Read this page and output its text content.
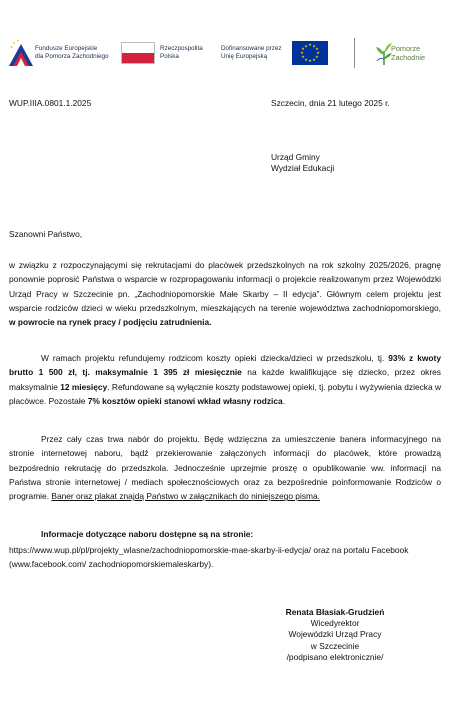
Fundusze Europejskie
dla Pomorza Zachodniego
Rzeczpospolita
Polska
Dofinansowane przez
Unię Europejską
★ ★
★
★
★
★
★
★
★
★
★
★	Pomorze
Zachodnie
WUP.IIIA.0801.1.2025	Szczecin, dnia 21 lutego 2025 r.
Urząd Gminy
Wydział Edukacji
Szanowni Państwo,
w związku z rozpoczynającymi się rekrutacjami do placówek przedszkolnych na rok szkolny 2025/2026, pragnę ponownie poprosić Państwa o wsparcie w rozpropagowaniu informacji o projekcie realizowanym przez Wojewódzki Urząd Pracy w Szczecinie pn. „Zachodniopomorskie Małe Skarby – II edycja”. Głównym celem projektu jest wsparcie rodziców dzieci w wieku przedszkolnym, mieszkających na terenie województwa zachodniopomorskiego, w powrocie na rynek pracy / podjęciu zatrudnienia.
W ramach projektu refundujemy rodzicom koszty opieki dziecka/dzieci w przedszkolu, tj. 93% z kwoty brutto 1 500 zł, tj. maksymalnie 1 395 zł miesięcznie na każde kwalifikujące się dziecko, przez okres maksymalnie 12 miesięcy. Refundowane są wyłącznie koszty podstawowej opieki, tj. pobytu i wyżywienia dziecka w placówce. Pozostałe 7% kosztów opieki stanowi wkład własny rodzica.
Przez cały czas trwa nabór do projektu. Będę wdzięczna za umieszczenie banera informacyjnego na stronie internetowej naboru, bądź przekierowanie załączonych informacji do placówek, które prowadzą bezpośrednio rekrutację do przedszkola. Jednocześnie uprzejmie proszę o opublikowanie ww. informacji na Państwa stronie internetowej / mediach społecznościowych oraz za bezpośrednie poinformowanie Rodziców o programie. Baner oraz plakat znajdą Państwo w załącznikach do niniejszego pisma.
Informacje dotyczące naboru dostępne są na stronie:
https://www.wup.pl/pl/projekty_wlasne/zachodniopomorskie-mae-skarby-ii-edycja/ oraz na portalu Facebook (www.facebook.com/ zachodniopomorskiemaleskarby).
Renata Błasiak-Grudzień
Wicedyrektor
Wojewódzki Urząd Pracy
w Szczecinie
/podpisano elektronicznie/
